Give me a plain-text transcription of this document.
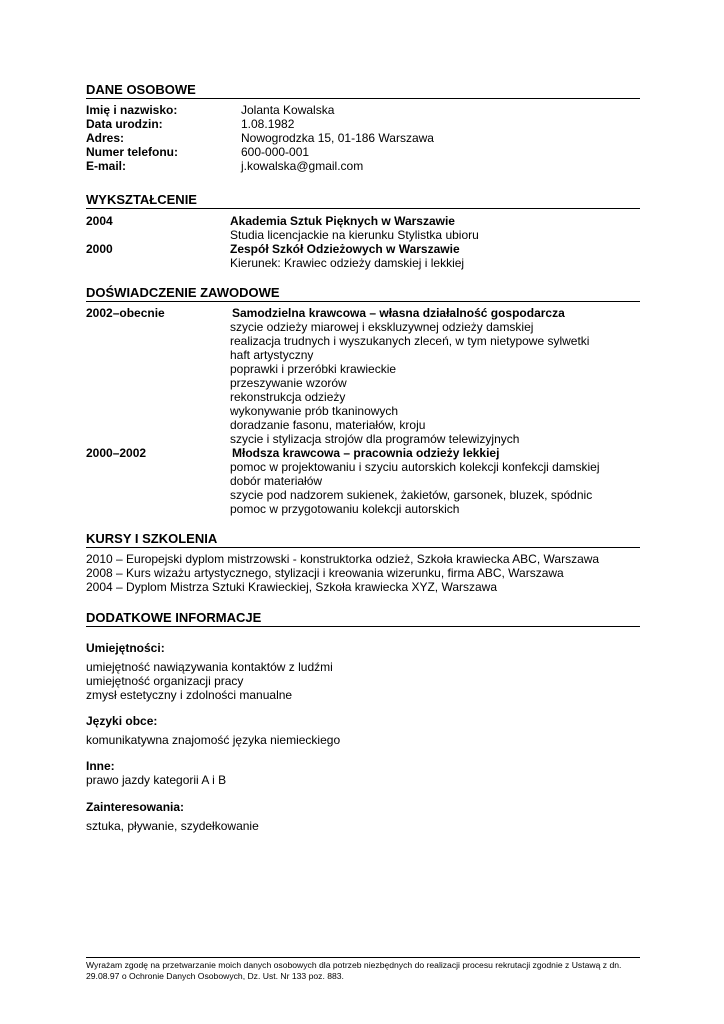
DANE OSOBOWE
Imię i nazwisko:	Jolanta Kowalska
Data urodzin:	1.08.1982
Adres:	Nowogrodzka 15, 01-186 Warszawa
Numer telefonu:	600-000-001
E-mail:	j.kowalska@gmail.com
WYKSZTAŁCENIE
2004	Akademia Sztuk Pięknych w Warszawie
Studia licencjackie na kierunku Stylistka ubioru
2000	Zespół Szkół Odzieżowych w Warszawie
Kierunek: Krawiec odzieży damskiej i lekkiej
DOŚWIADCZENIE ZAWODOWE
2002–obecnie	Samodzielna krawcowa – własna działalność gospodarcza
szycie odzieży miarowej i ekskluzywnej odzieży damskiej
realizacja trudnych i wyszukanych zleceń, w tym nietypowe sylwetki
haft artystyczny
poprawki i przeróbki krawieckie
przeszywanie wzorów
rekonstrukcja odzieży
wykonywanie prób tkaninowych
doradzanie fasonu, materiałów, kroju
szycie i stylizacja strojów dla programów telewizyjnych
2000–2002	Młodsza krawcowa – pracownia odzieży lekkiej
pomoc w projektowaniu i szyciu autorskich kolekcji konfekcji damskiej
dobór materiałów
szycie pod nadzorem sukienek, żakietów, garsonek, bluzek, spódnic
pomoc w przygotowaniu kolekcji autorskich
KURSY I SZKOLENIA
2010 – Europejski dyplom mistrzowski - konstruktorka odzież, Szkoła krawiecka ABC, Warszawa
2008 – Kurs wizażu artystycznego, stylizacji i kreowania wizerunku, firma ABC, Warszawa
2004 – Dyplom Mistrza Sztuki Krawieckiej, Szkoła krawiecka XYZ, Warszawa
DODATKOWE INFORMACJE
Umiejętności:
umiejętność nawiązywania kontaktów z ludźmi
umiejętność organizacji pracy
zmysł estetyczny i zdolności manualne
Języki obce:
komunikatywna znajomość języka niemieckiego
Inne:
prawo jazdy kategorii A i B
Zainteresowania:
sztuka, pływanie, szydełkowanie
Wyrażam zgodę na przetwarzanie moich danych osobowych dla potrzeb niezbędnych do realizacji procesu rekrutacji zgodnie z Ustawą z dn. 29.08.97 o Ochronie Danych Osobowych, Dz. Ust. Nr 133 poz. 883.
